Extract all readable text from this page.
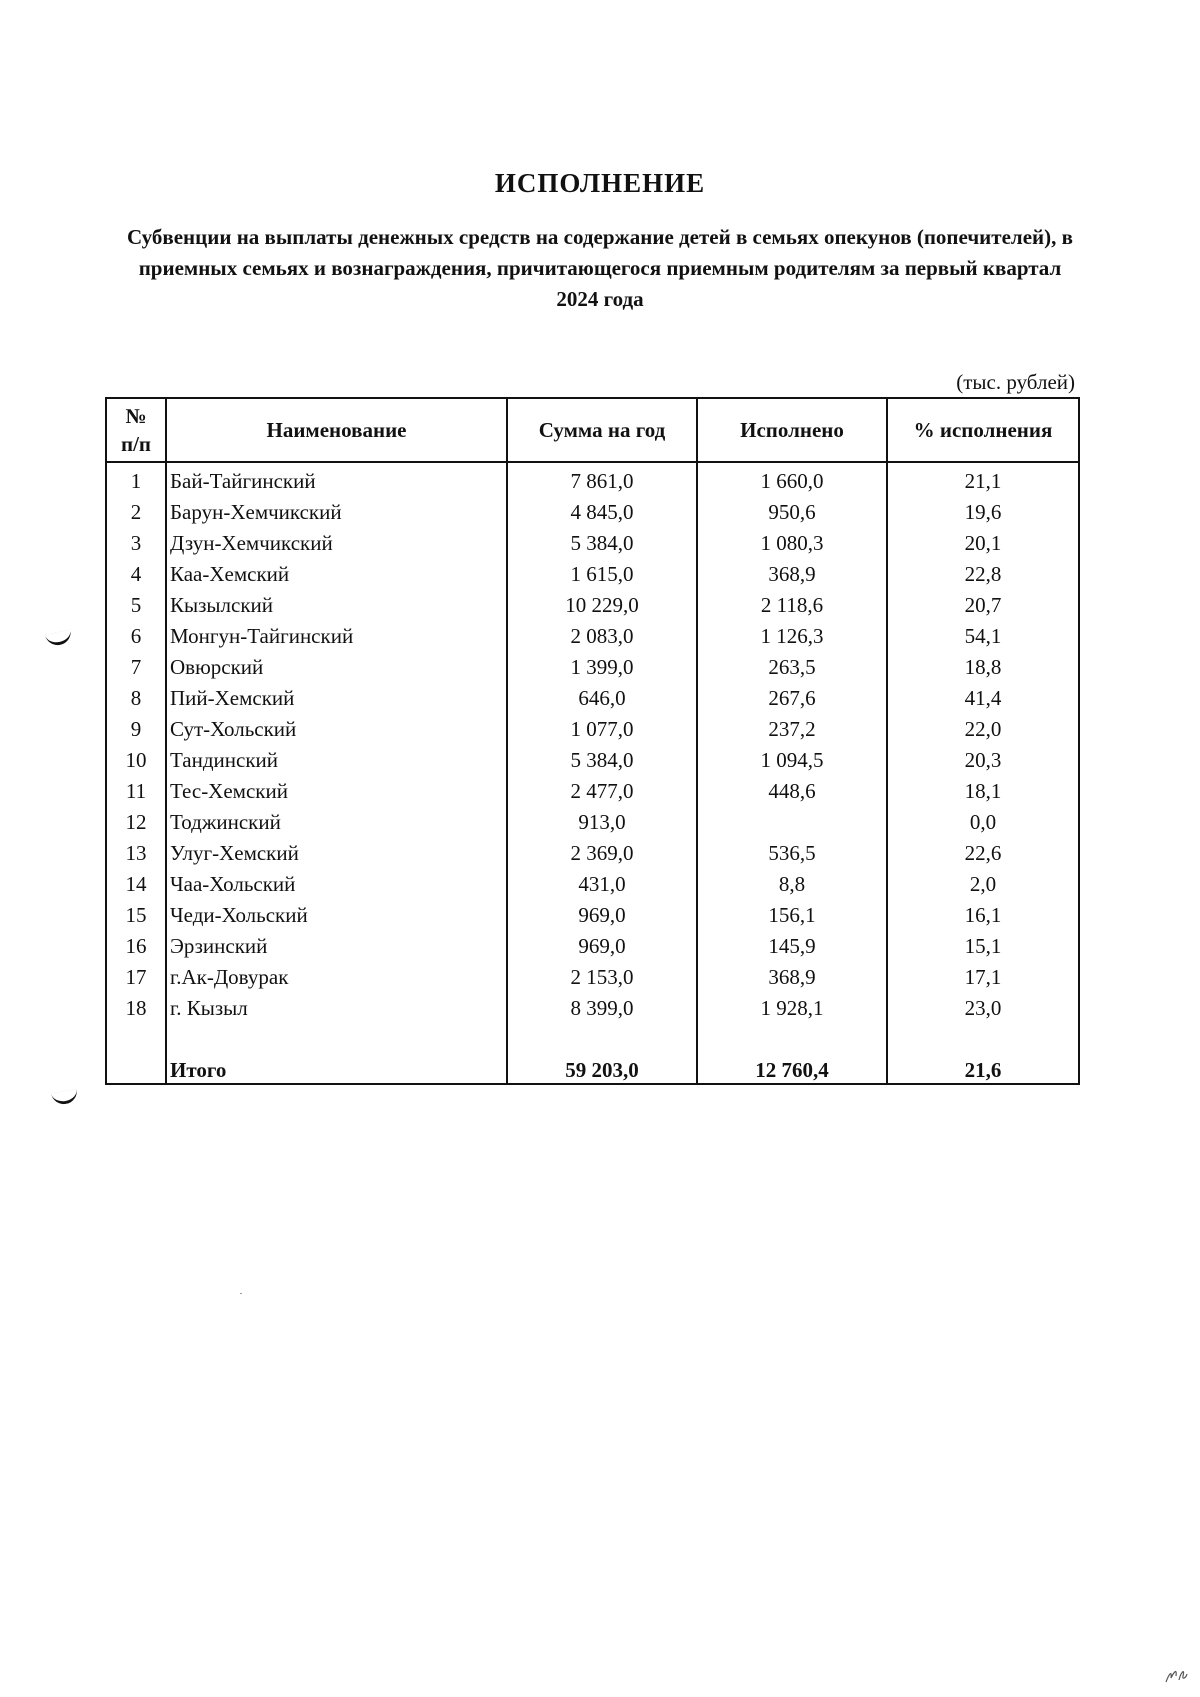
ИСПОЛНЕНИЕ

Субвенции на выплаты денежных средств на содержание детей в семьях опекунов (попечителей), в приемных семьях и вознаграждения, причитающегося приемным родителям за первый квартал 2024 года

(тыс. рублей)
№
п/п	Наименование	Сумма на год	Исполнено	% исполнения
1	Бай-Тайгинский	7 861,0	1 660,0	21,1
2	Барун-Хемчикский	4 845,0	950,6	19,6
3	Дзун-Хемчикский	5 384,0	1 080,3	20,1
4	Каа-Хемский	1 615,0	368,9	22,8
5	Кызылский	10 229,0	2 118,6	20,7
6	Монгун-Тайгинский	2 083,0	1 126,3	54,1
7	Овюрский	1 399,0	263,5	18,8
8	Пий-Хемский	646,0	267,6	41,4
9	Сут-Хольский	1 077,0	237,2	22,0
10	Тандинский	5 384,0	1 094,5	20,3
11	Тес-Хемский	2 477,0	448,6	18,1
12	Тоджинский	913,0		0,0
13	Улуг-Хемский	2 369,0	536,5	22,6
14	Чаа-Хольский	431,0	8,8	2,0
15	Чеди-Хольский	969,0	156,1	16,1
16	Эрзинский	969,0	145,9	15,1
17	г.Ак-Довурак	2 153,0	368,9	17,1
18	г. Кызыл	8 399,0	1 928,1	23,0

	Итого	59 203,0	12 760,4	21,6
